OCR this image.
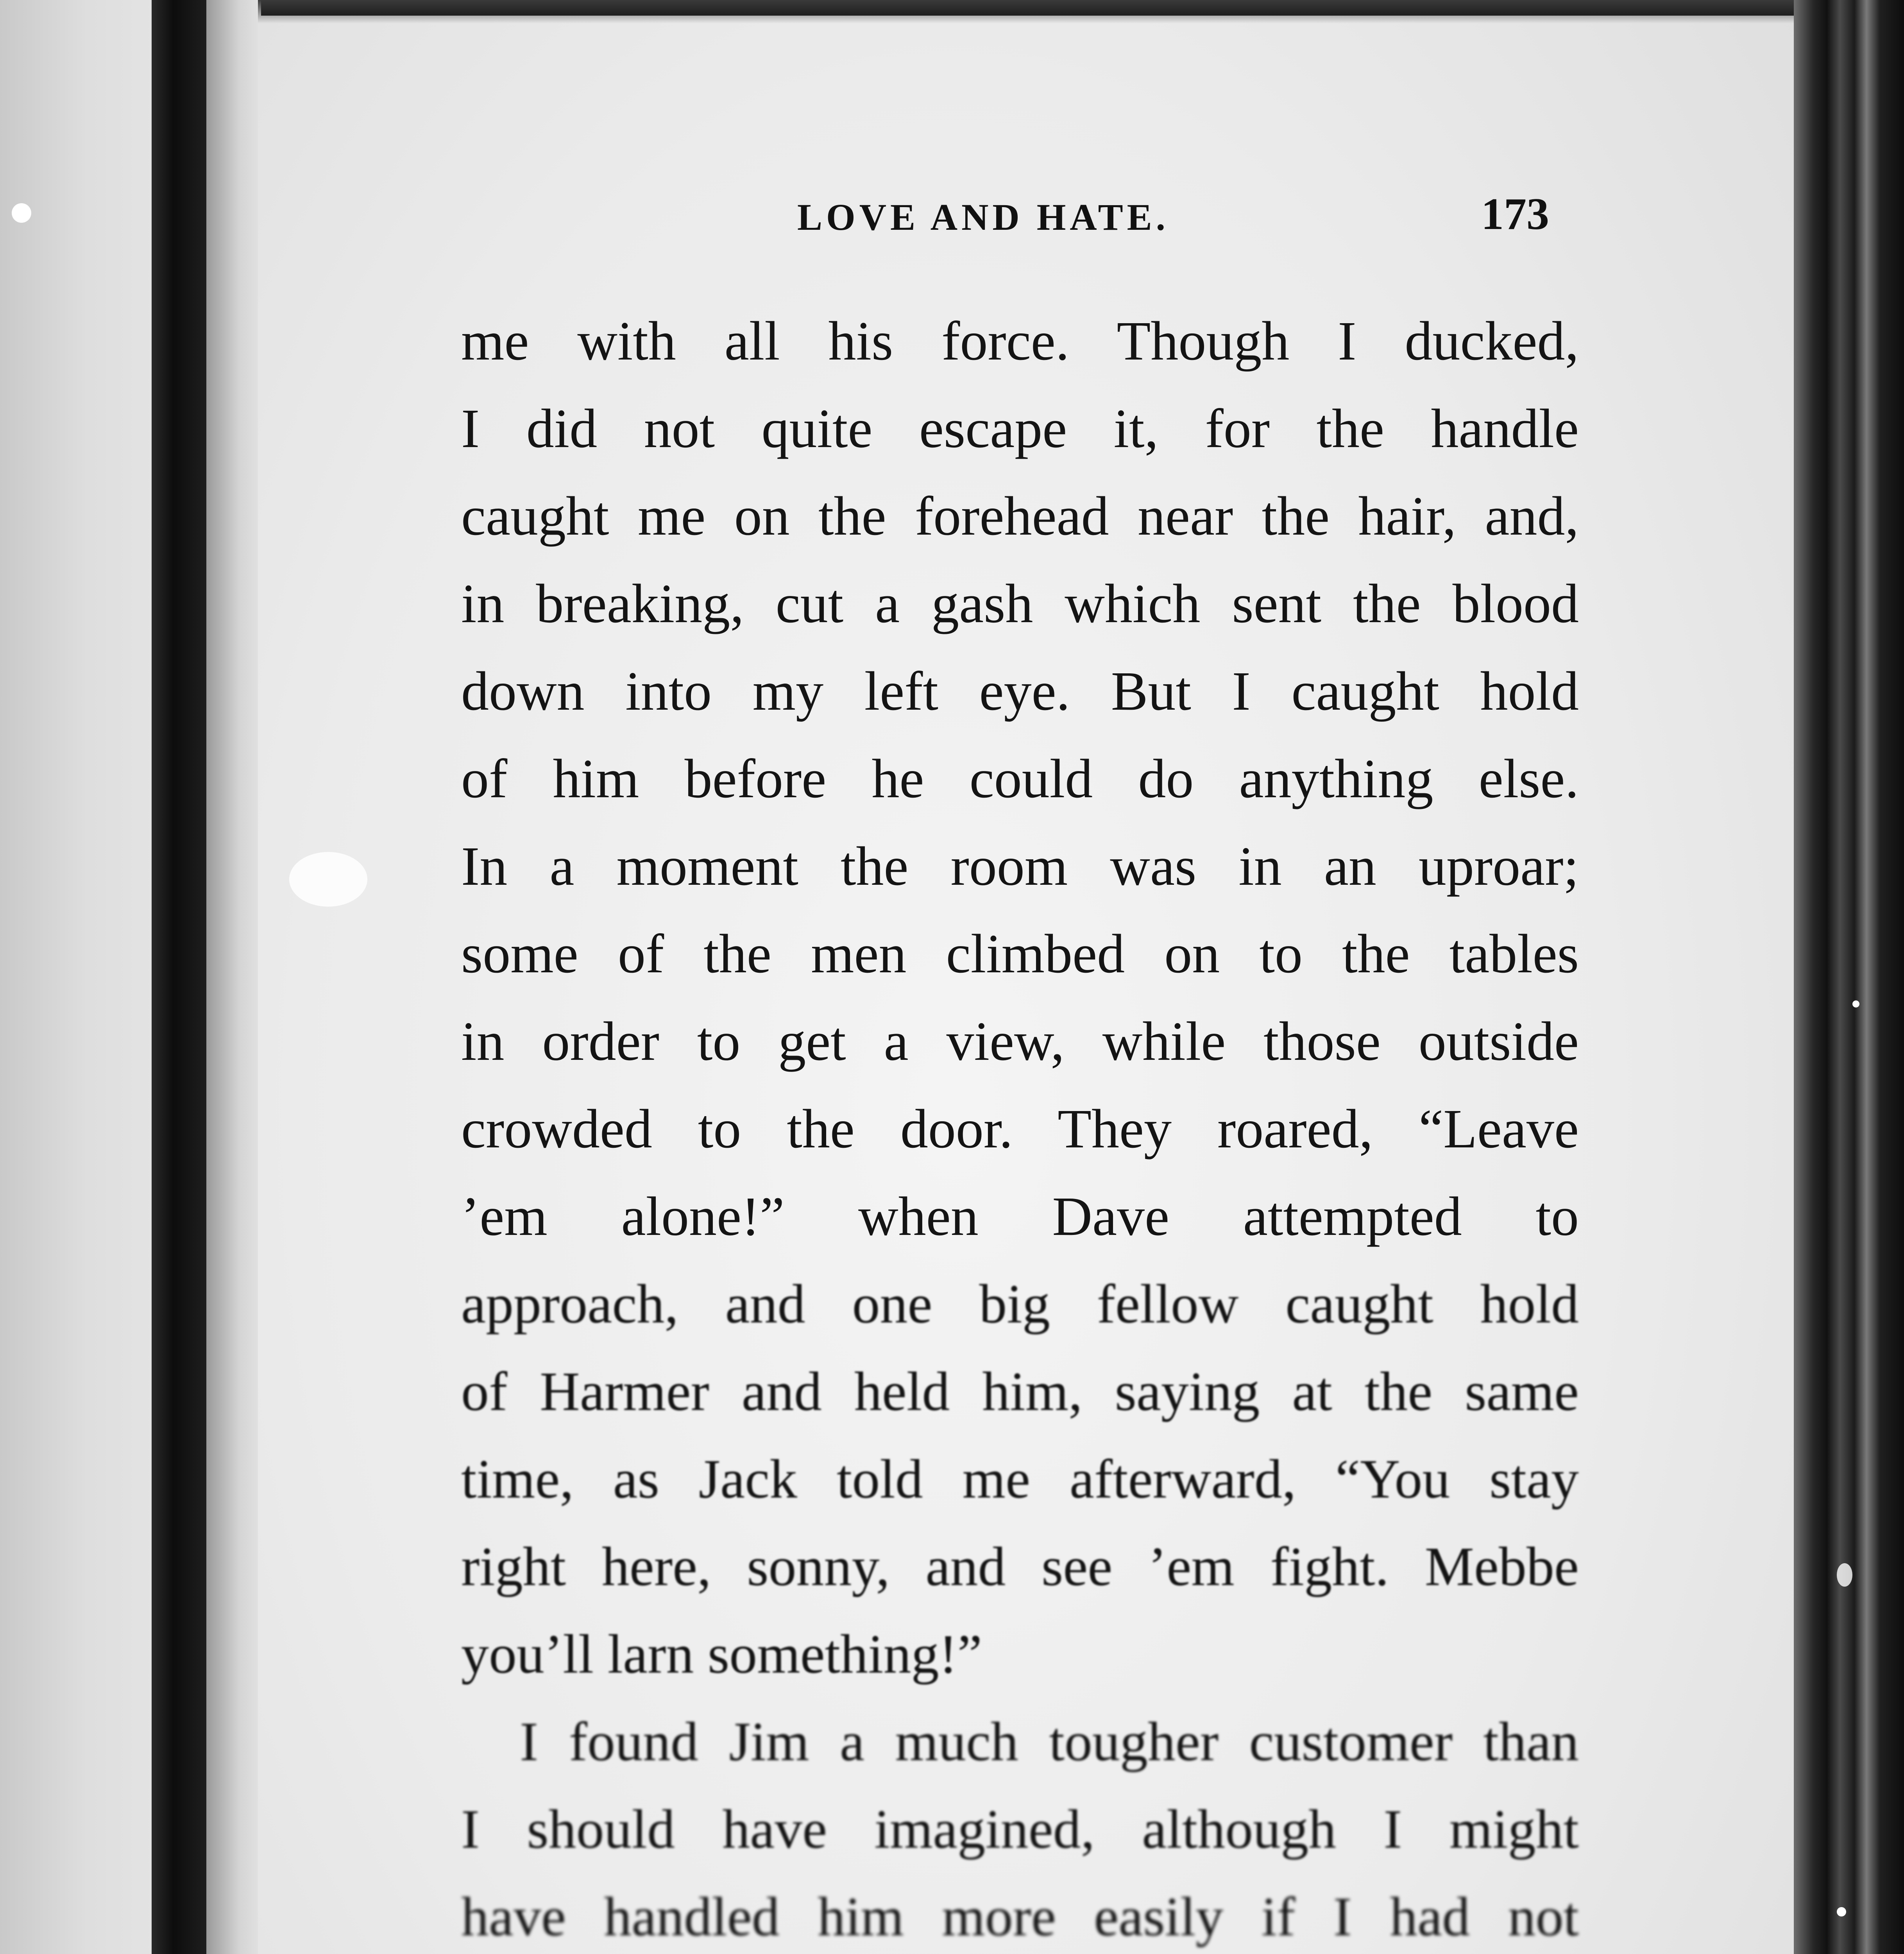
LOVE AND HATE.	173
me with all his force. Though I ducked,
I did not quite escape it, for the handle
caught me on the forehead near the hair, and,
in breaking, cut a gash which sent the blood
down into my left eye. But I caught hold
of him before he could do anything else.
In a moment the room was in an uproar;
some of the men climbed on to the tables
in order to get a view, while those outside
crowded to the door. They roared, “Leave
’em alone!” when Dave attempted to
approach, and one big fellow caught hold
of Harmer and held him, saying at the same
time, as Jack told me afterward, “You stay
right here, sonny, and see ’em fight. Mebbe
you’ll larn something!”
I found Jim a much tougher customer than
I should have imagined, although I might
have handled him more easily if I had not
